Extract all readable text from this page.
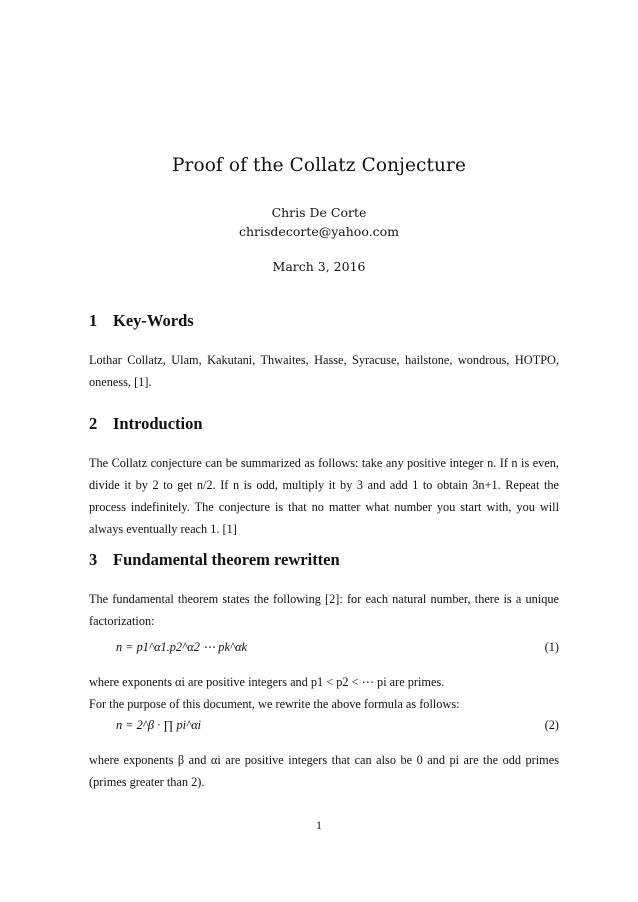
Proof of the Collatz Conjecture
Chris De Corte
chrisdecorte@yahoo.com
March 3, 2016
1 Key-Words
Lothar Collatz, Ulam, Kakutani, Thwaites, Hasse, Syracuse, hailstone, wondrous, HOTPO, oneness, [1].
2 Introduction
The Collatz conjecture can be summarized as follows: take any positive integer n. If n is even, divide it by 2 to get n/2. If n is odd, multiply it by 3 and add 1 to obtain 3n+1. Repeat the process indefinitely. The conjecture is that no matter what number you start with, you will always eventually reach 1. [1]
3 Fundamental theorem rewritten
The fundamental theorem states the following [2]: for each natural number, there is a unique factorization:
n = p1^α1.p2^α2 ⋯ pk^αk	(1)
where exponents αi are positive integers and p1 < p2 < ⋯ pi are primes.
For the purpose of this document, we rewrite the above formula as follows:
n = 2^β · ∏ pi^αi	(2)
where exponents β and αi are positive integers that can also be 0 and pi are the odd primes (primes greater than 2).
1
